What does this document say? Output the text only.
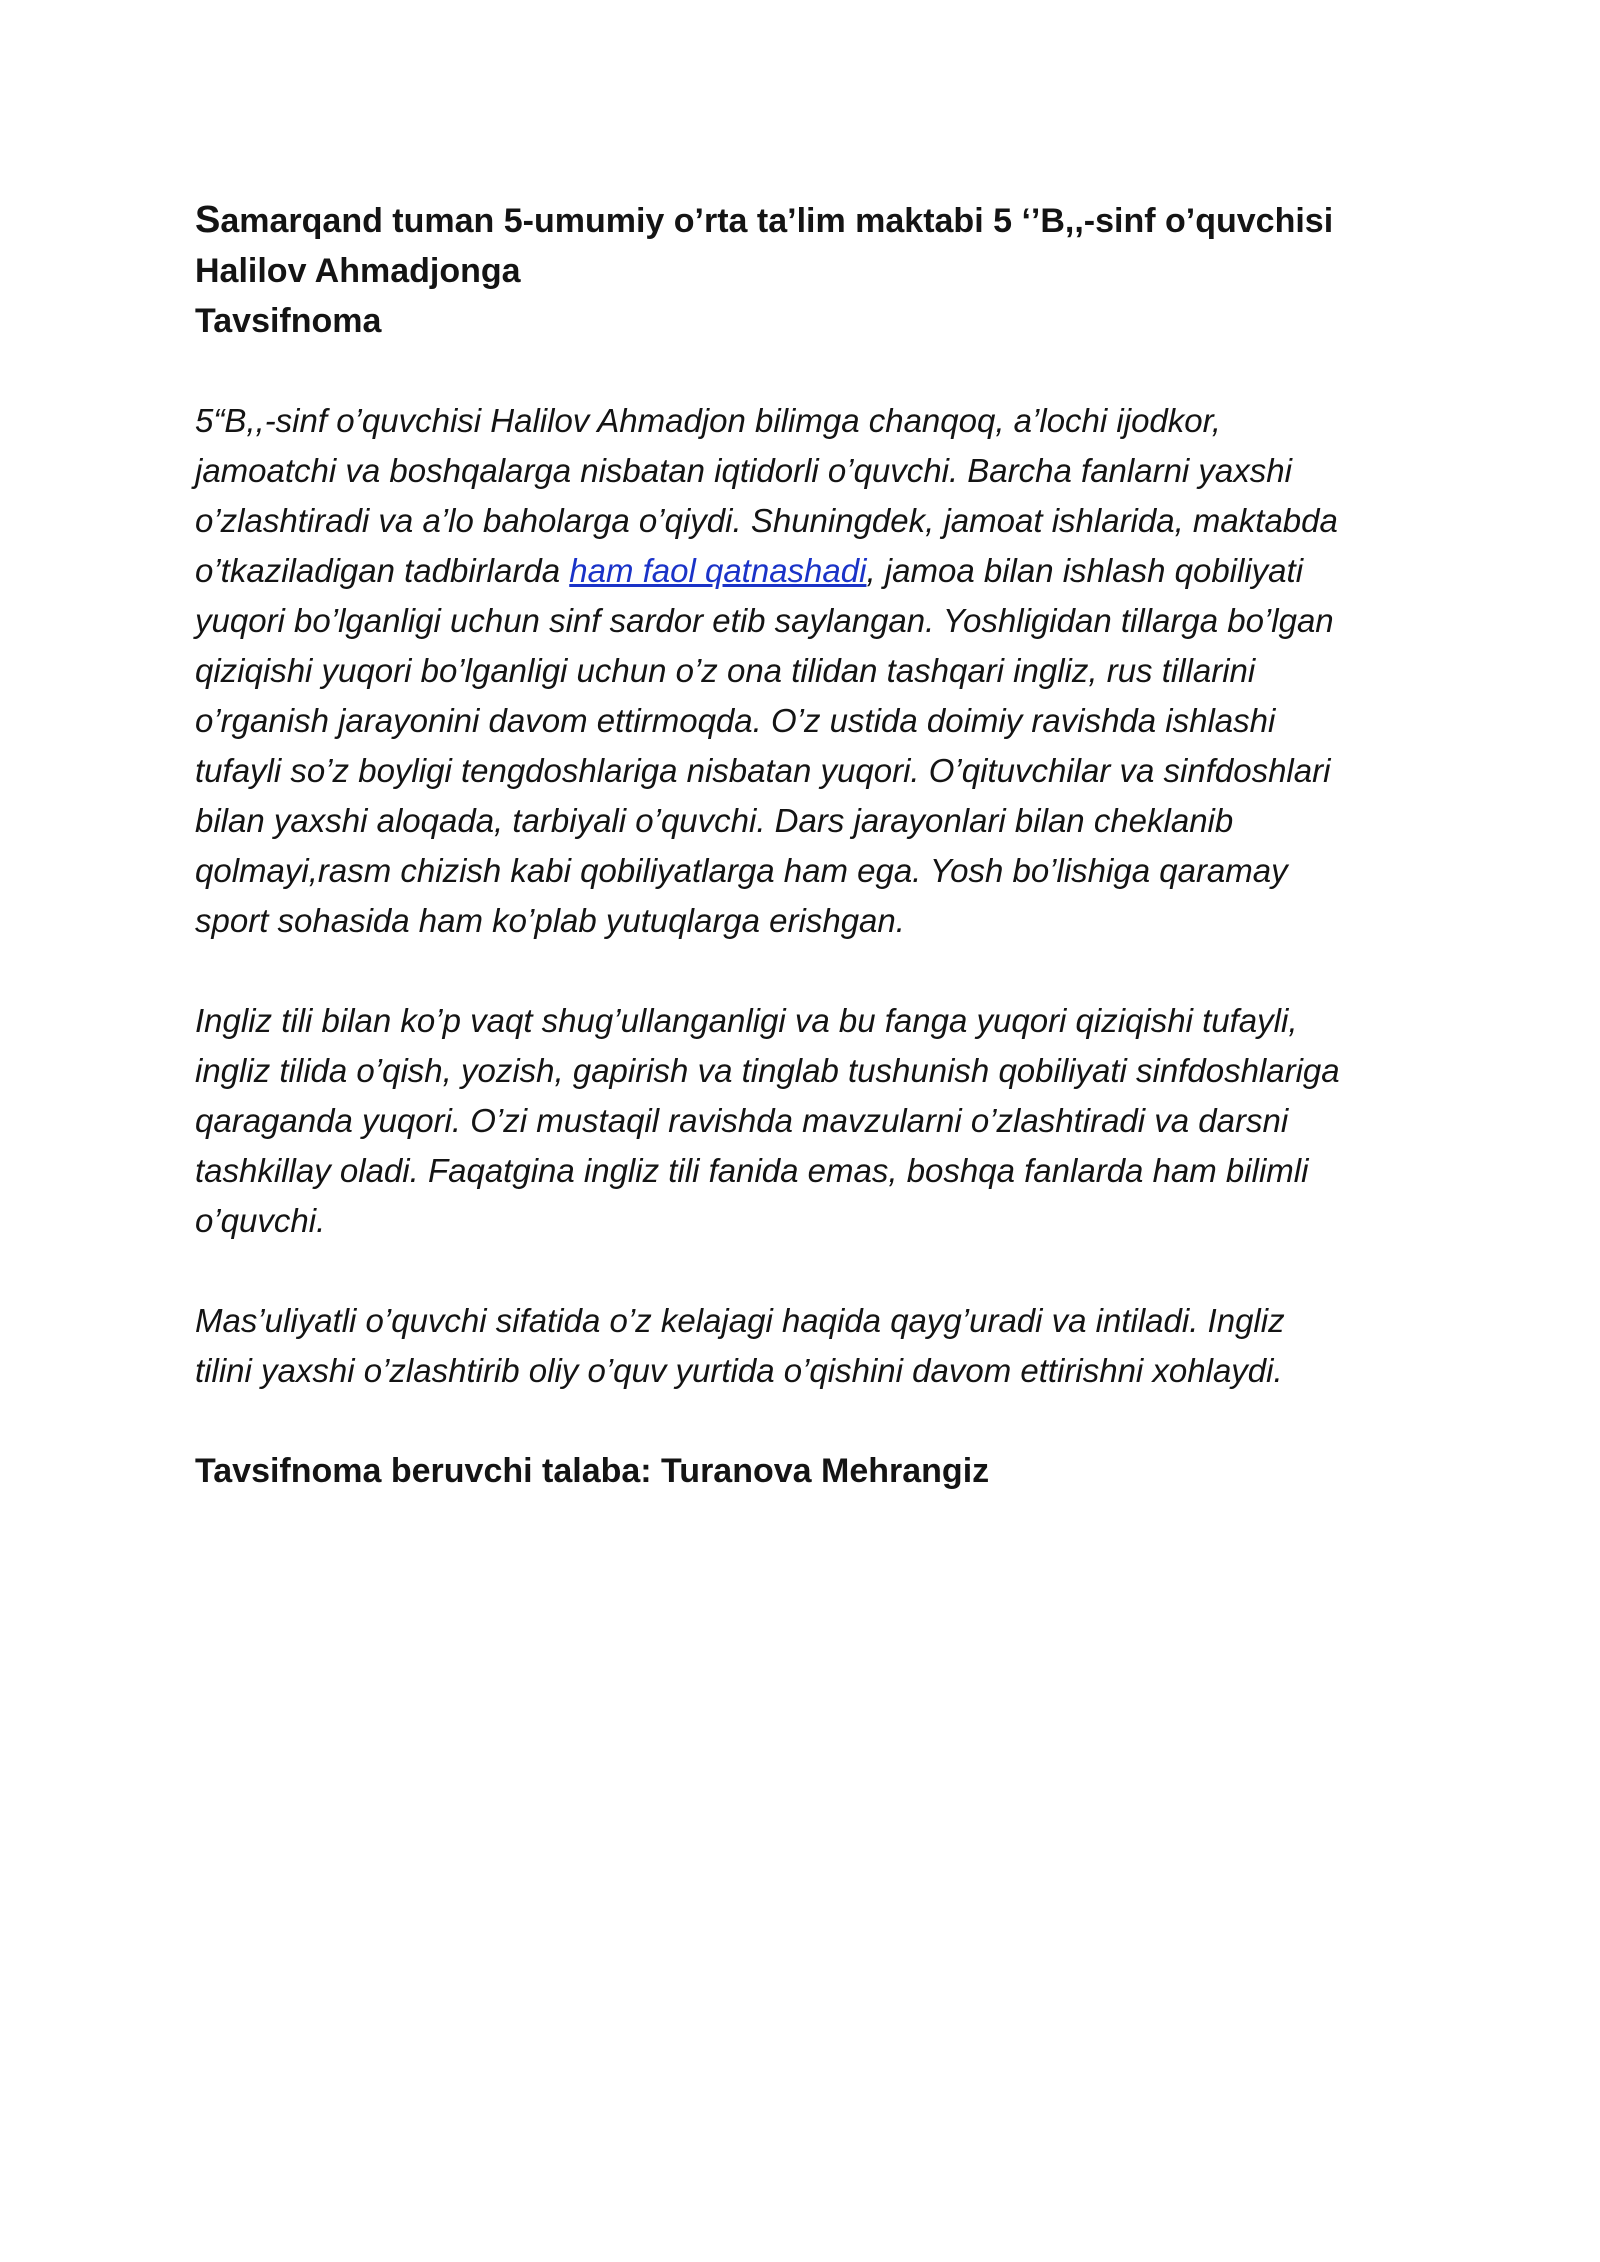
Samarqand tuman 5-umumiy o’rta ta’lim maktabi 5 ‘’B,,-sinf o’quvchisi

Halilov Ahmadjonga

Tavsifnoma

5“B,,-sinf o’quvchisi Halilov Ahmadjon bilimga chanqoq, a’lochi ijodkor,
jamoatchi va boshqalarga nisbatan iqtidorli o’quvchi. Barcha fanlarni yaxshi
o’zlashtiradi va a’lo baholarga o’qiydi. Shuningdek, jamoat ishlarida, maktabda
o’tkaziladigan tadbirlarda ham faol qatnashadi, jamoa bilan ishlash qobiliyati
yuqori bo’lganligi uchun sinf sardor etib saylangan. Yoshligidan tillarga bo’lgan
qiziqishi yuqori bo’lganligi uchun o’z ona tilidan tashqari ingliz, rus tillarini
o’rganish jarayonini davom ettirmoqda. O’z ustida doimiy ravishda ishlashi
tufayli so’z boyligi tengdoshlariga nisbatan yuqori. O’qituvchilar va sinfdoshlari
bilan yaxshi aloqada, tarbiyali o’quvchi. Dars jarayonlari bilan cheklanib
qolmayi,rasm chizish kabi qobiliyatlarga ham ega. Yosh bo’lishiga qaramay
sport sohasida ham ko’plab yutuqlarga erishgan.

Ingliz tili bilan ko’p vaqt shug’ullanganligi va bu fanga yuqori qiziqishi tufayli,
ingliz tilida o’qish, yozish, gapirish va tinglab tushunish qobiliyati sinfdoshlariga
qaraganda yuqori. O’zi mustaqil ravishda mavzularni o’zlashtiradi va darsni
tashkillay oladi. Faqatgina ingliz tili fanida emas, boshqa fanlarda ham bilimli
o’quvchi.

Mas’uliyatli o’quvchi sifatida o’z kelajagi haqida qayg’uradi va intiladi. Ingliz
tilini yaxshi o’zlashtirib oliy o’quv yurtida o’qishini davom ettirishni xohlaydi.

Tavsifnoma beruvchi talaba: Turanova Mehrangiz
